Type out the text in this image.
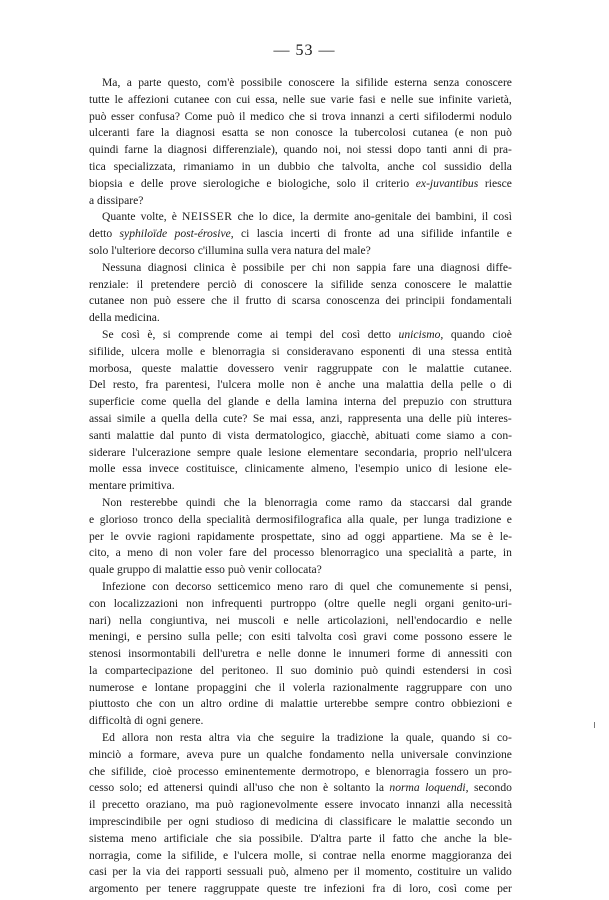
— 53 —
Ma, a parte questo, com'è possibile conoscere la sifilide esterna senza conoscere
tutte le affezioni cutanee con cui essa, nelle sue varie fasi e nelle sue infinite varietà,
può esser confusa? Come può il medico che si trova innanzi a certi sifilodermi nodulo
ulceranti fare la diagnosi esatta se non conosce la tubercolosi cutanea (e non può
quindi farne la diagnosi differenziale), quando noi, noi stessi dopo tanti anni di pra-
tica specializzata, rimaniamo in un dubbio che talvolta, anche col sussidio della
biopsia e delle prove sierologiche e biologiche, solo il criterio ex-juvantibus riesce
a dissipare?
Quante volte, è NEISSER che lo dice, la dermite ano-genitale dei bambini, il così
detto syphiloïde post-érosive, ci lascia incerti di fronte ad una sifilide infantile e
solo l'ulteriore decorso c'illumina sulla vera natura del male?
Nessuna diagnosi clinica è possibile per chi non sappia fare una diagnosi diffe-
renziale: il pretendere perciò di conoscere la sifilide senza conoscere le malattie
cutanee non può essere che il frutto di scarsa conoscenza dei principii fondamentali
della medicina.
Se così è, si comprende come ai tempi del così detto unicismo, quando cioè
sifilide, ulcera molle e blenorragia si consideravano esponenti di una stessa entità
morbosa, queste malattie dovessero venir raggruppate con le malattie cutanee.
Del resto, fra parentesi, l'ulcera molle non è anche una malattia della pelle o di
superficie come quella del glande e della lamina interna del prepuzio con struttura
assai simile a quella della cute? Se mai essa, anzi, rappresenta una delle più interes-
santi malattie dal punto di vista dermatologico, giacchè, abituati come siamo a con-
siderare l'ulcerazione sempre quale lesione elementare secondaria, proprio nell'ulcera
molle essa invece costituisce, clinicamente almeno, l'esempio unico di lesione ele-
mentare primitiva.
Non resterebbe quindi che la blenorragia come ramo da staccarsi dal grande
e glorioso tronco della specialità dermosifilografica alla quale, per lunga tradizione e
per le ovvie ragioni rapidamente prospettate, sino ad oggi appartiene. Ma se è le-
cito, a meno di non voler fare del processo blenorragico una specialità a parte, in
quale gruppo di malattie esso può venir collocata?
Infezione con decorso setticemico meno raro di quel che comunemente si pensi,
con localizzazioni non infrequenti purtroppo (oltre quelle negli organi genito-uri-
nari) nella congiuntiva, nei muscoli e nelle articolazioni, nell'endocardio e nelle
meningi, e persino sulla pelle; con esiti talvolta così gravi come possono essere le
stenosi insormontabili dell'uretra e nelle donne le innumeri forme di annessiti con
la compartecipazione del peritoneo. Il suo dominio può quindi estendersi in così
numerose e lontane propaggini che il volerla razionalmente raggruppare con uno
piuttosto che con un altro ordine di malattie urterebbe sempre contro obbiezioni e
difficoltà di ogni genere.
Ed allora non resta altra via che seguire la tradizione la quale, quando si co-
minciò a formare, aveva pure un qualche fondamento nella universale convinzione
che sifilide, cioè processo eminentemente dermotropo, e blenorragia fossero un pro-
cesso solo; ed attenersi quindi all'uso che non è soltanto la norma loquendi, secondo
il precetto oraziano, ma può ragionevolmente essere invocato innanzi alla necessità
imprescindibile per ogni studioso di medicina di classificare le malattie secondo un
sistema meno artificiale che sia possibile. D'altra parte il fatto che anche la ble-
norragia, come la sifilide, e l'ulcera molle, si contrae nella enorme maggioranza dei
casi per la via dei rapporti sessuali può, almeno per il momento, costituire un valido
argomento per tenere raggruppate queste tre infezioni fra di loro, così come per
